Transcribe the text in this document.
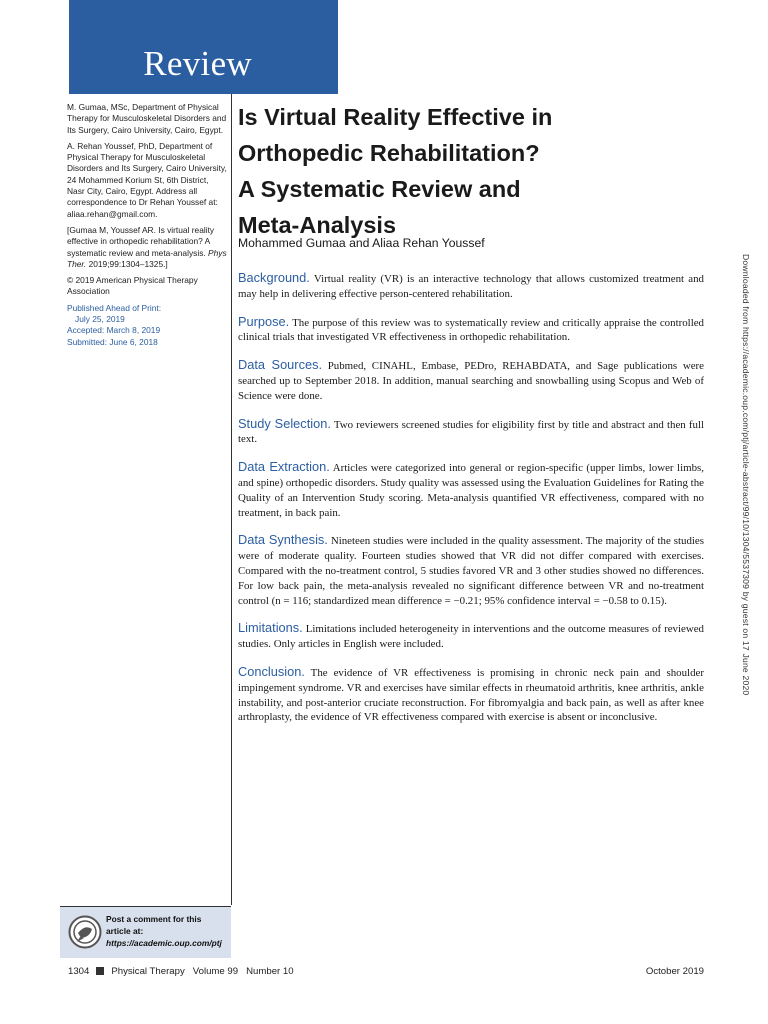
Review

M. Gumaa, MSc, Department of Physical Therapy for Musculoskeletal Disorders and Its Surgery, Cairo University, Cairo, Egypt.

A. Rehan Youssef, PhD, Department of Physical Therapy for Musculoskeletal Disorders and Its Surgery, Cairo University, 24 Mohammed Korium St, 6th District, Nasr City, Cairo, Egypt. Address all correspondence to Dr Rehan Youssef at: aliaa.rehan@gmail.com.

[Gumaa M, Youssef AR. Is virtual reality effective in orthopedic rehabilitation? A systematic review and meta-analysis. Phys Ther. 2019;99:1304–1325.]

© 2019 American Physical Therapy Association

Published Ahead of Print:

July 25, 2019

Accepted: March 8, 2019

Submitted: June 6, 2018

Is Virtual Reality Effective in
Orthopedic Rehabilitation?
A Systematic Review and
Meta-Analysis
Mohammed Gumaa and Aliaa Rehan Youssef

Background. Virtual reality (VR) is an interactive technology that allows customized treatment and may help in delivering effective person-centered rehabilitation.

Purpose. The purpose of this review was to systematically review and critically appraise the controlled clinical trials that investigated VR effectiveness in orthopedic rehabilitation.

Data Sources. Pubmed, CINAHL, Embase, PEDro, REHABDATA, and Sage publications were searched up to September 2018. In addition, manual searching and snowballing using Scopus and Web of Science were done.

Study Selection. Two reviewers screened studies for eligibility first by title and abstract and then full text.

Data Extraction. Articles were categorized into general or region-specific (upper limbs, lower limbs, and spine) orthopedic disorders. Study quality was assessed using the Evaluation Guidelines for Rating the Quality of an Intervention Study scoring. Meta-analysis quantified VR effectiveness, compared with no treatment, in back pain.

Data Synthesis. Nineteen studies were included in the quality assessment. The majority of the studies were of moderate quality. Fourteen studies showed that VR did not differ compared with exercises. Compared with the no-treatment control, 5 studies favored VR and 3 other studies showed no differences. For low back pain, the meta-analysis revealed no significant difference between VR and no-treatment control (n = 116; standardized mean difference = −0.21; 95% confidence interval = −0.58 to 0.15).

Limitations. Limitations included heterogeneity in interventions and the outcome measures of reviewed studies. Only articles in English were included.

Conclusion. The evidence of VR effectiveness is promising in chronic neck pain and shoulder impingement syndrome. VR and exercises have similar effects in rheumatoid arthritis, knee arthritis, ankle instability, and post-anterior cruciate reconstruction. For fibromyalgia and back pain, as well as after knee arthroplasty, the evidence of VR effectiveness compared with exercise is absent or inconclusive.

Downloaded from https://academic.oup.com/ptj/article-abstract/99/10/1304/5537309 by guest on 17 June 2020
Post a comment for this
article at:
https://academic.oup.com/ptj
1304 Physical Therapy Volume 99 Number 10	October 2019
